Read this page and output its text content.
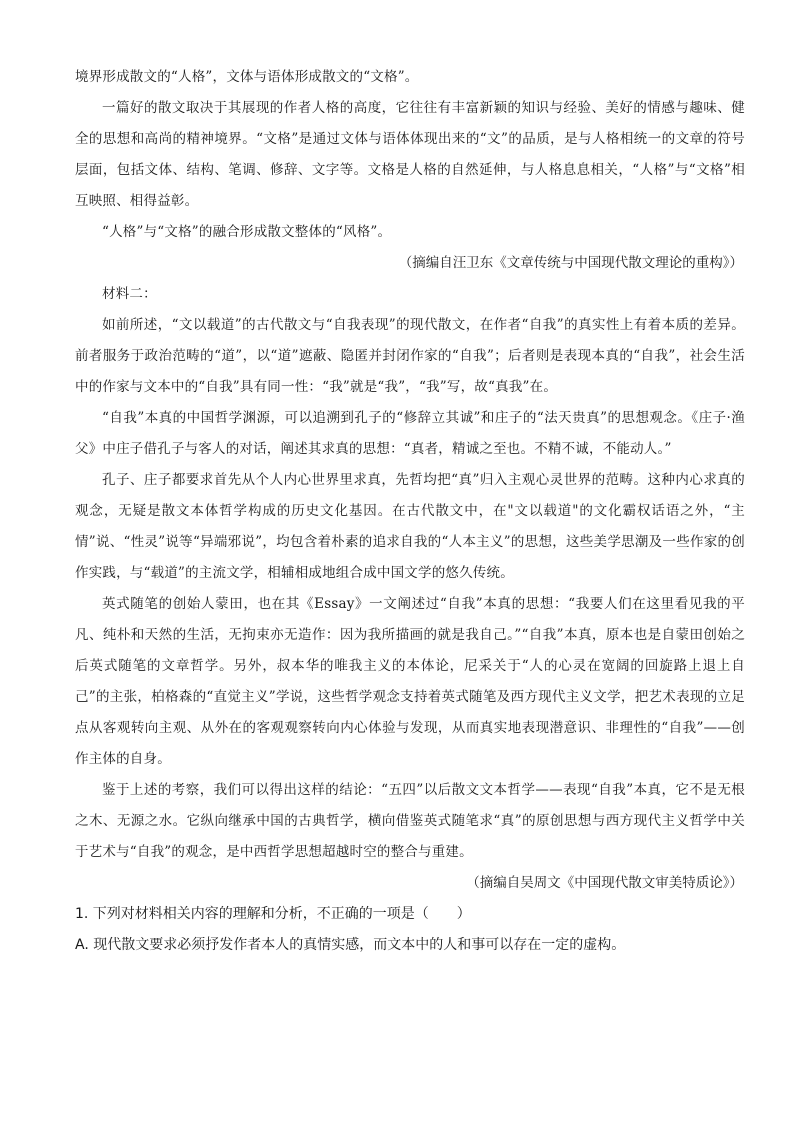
境界形成散文的“人格”，文体与语体形成散文的“文格”。

一篇好的散文取决于其展现的作者人格的高度，它往往有丰富新颖的知识与经验、美好的情感与趣味、健全的思想和高尚的精神境界。“文格”是通过文体与语体体现出来的“文”的品质，是与人格相统一的文章的符号层面，包括文体、结构、笔调、修辞、文字等。文格是人格的自然延伸，与人格息息相关，“人格”与“文格”相互映照、相得益彰。

“人格”与“文格”的融合形成散文整体的“风格”。

（摘编自汪卫东《文章传统与中国现代散文理论的重构》）

材料二：

如前所述，“文以载道”的古代散文与“自我表现”的现代散文，在作者“自我”的真实性上有着本质的差异。前者服务于政治范畴的“道”，以“道”遮蔽、隐匿并封闭作家的“自我”；后者则是表现本真的“自我”，社会生活中的作家与文本中的“自我”具有同一性：“我”就是“我”，“我”写，故“真我”在。

“自我”本真的中国哲学渊源，可以追溯到孔子的“修辞立其诚”和庄子的“法天贵真”的思想观念。《庄子·渔父》中庄子借孔子与客人的对话，阐述其求真的思想：“真者，精诚之至也。不精不诚，不能动人。”

孔子、庄子都要求首先从个人内心世界里求真，先哲均把“真”归入主观心灵世界的范畴。这种内心求真的观念，无疑是散文本体哲学构成的历史文化基因。在古代散文中，在"文以载道"的文化霸权话语之外，“主情”说、“性灵”说等“异端邪说”，均包含着朴素的追求自我的“人本主义”的思想，这些美学思潮及一些作家的创作实践，与“载道”的主流文学，相辅相成地组合成中国文学的悠久传统。

英式随笔的创始人蒙田，也在其《Essay》一文阐述过“自我”本真的思想：“我要人们在这里看见我的平凡、纯朴和天然的生活，无拘束亦无造作：因为我所描画的就是我自己。”“自我”本真，原本也是自蒙田创始之后英式随笔的文章哲学。另外，叔本华的唯我主义的本体论，尼采关于“人的心灵在宽阔的回旋路上退上自己”的主张，柏格森的“直觉主义”学说，这些哲学观念支持着英式随笔及西方现代主义文学，把艺术表现的立足点从客观转向主观、从外在的客观观察转向内心体验与发现，从而真实地表现潜意识、非理性的“自我”——创作主体的自身。

鉴于上述的考察，我们可以得出这样的结论：“五四”以后散文文本哲学——表现“自我”本真，它不是无根之木、无源之水。它纵向继承中国的古典哲学，横向借鉴英式随笔求“真”的原创思想与西方现代主义哲学中关于艺术与“自我”的观念，是中西哲学思想超越时空的整合与重建。

（摘编自吴周文《中国现代散文审美特质论》）

1. 下列对材料相关内容的理解和分析，不正确的一项是（　　）

A. 现代散文要求必须抒发作者本人的真情实感，而文本中的人和事可以存在一定的虚构。
